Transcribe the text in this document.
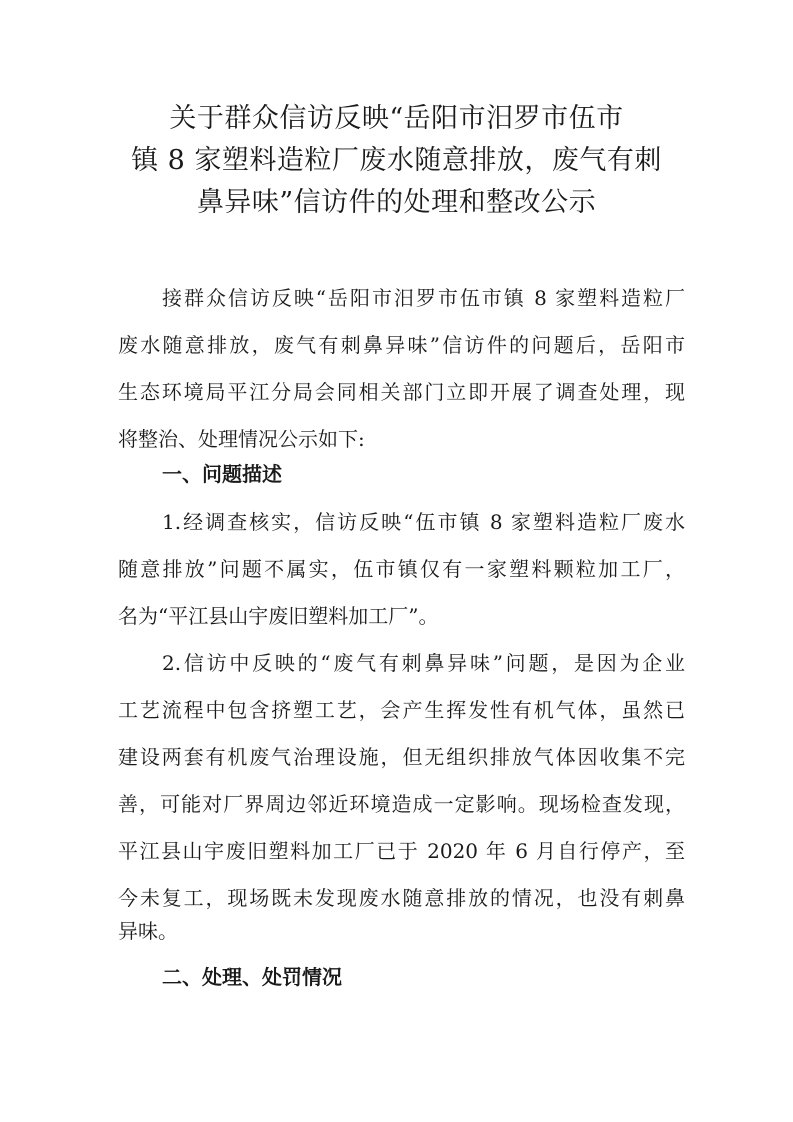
关于群众信访反映“岳阳市汨罗市伍市
镇 8 家塑料造粒厂废水随意排放，废气有刺
鼻异味”信访件的处理和整改公示

接群众信访反映“岳阳市汨罗市伍市镇 8 家塑料造粒厂

废水随意排放，废气有刺鼻异味”信访件的问题后，岳阳市

生态环境局平江分局会同相关部门立即开展了调查处理，现

将整治、处理情况公示如下:

一、问题描述

1.经调查核实，信访反映“伍市镇 8 家塑料造粒厂废水

随意排放”问题不属实，伍市镇仅有一家塑料颗粒加工厂，

名为“平江县山宇废旧塑料加工厂”。

2.信访中反映的“废气有刺鼻异味”问题，是因为企业

工艺流程中包含挤塑工艺，会产生挥发性有机气体，虽然已

建设两套有机废气治理设施，但无组织排放气体因收集不完

善，可能对厂界周边邻近环境造成一定影响。现场检查发现，

平江县山宇废旧塑料加工厂已于 2020 年 6 月自行停产，至

今未复工，现场既未发现废水随意排放的情况，也没有刺鼻

异味。

二、处理、处罚情况
